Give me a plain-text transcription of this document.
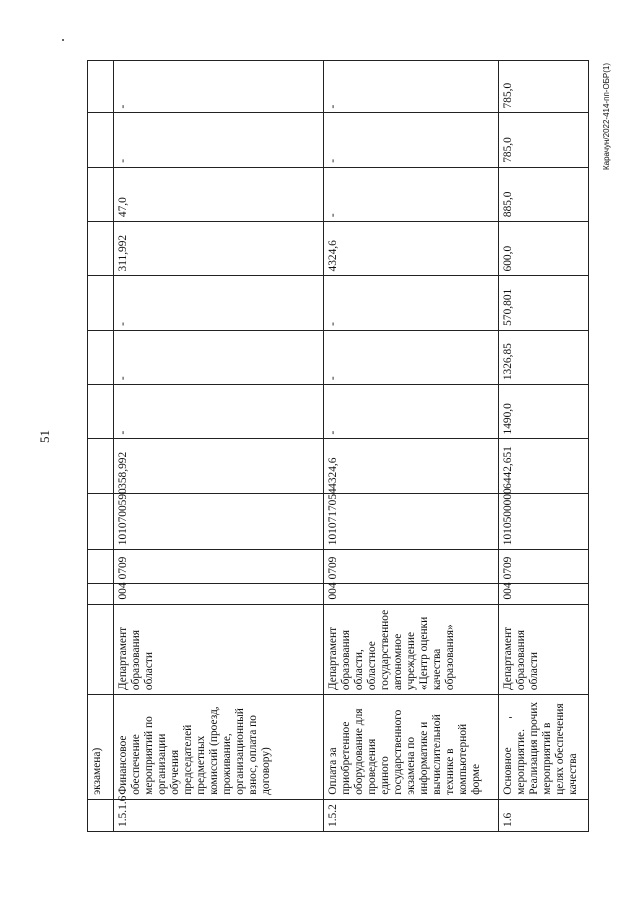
51
Карачун/2022-414-пп-ОБР(1)
	экзамена)												
1.5.1.6	Финансовое обеспечение мероприятий по организации обучения председателей предметных комиссий (проезд, проживание, организационный взнос, оплата по договору)	Департамент образования области	004	0709	1010700590	358,992	-	-	-	311,992	47,0	-	-
1.5.2	Оплата за приобретенное оборудование для проведения единого государственного экзамена по информатике и вычислительной технике в компьютерной форме	Департамент образования области, областное государственное автономное учреждение «Центр оценки качества образования»	004	0709	1010717054	4324,6	-	-	-	4324,6	-	-	-
1.6	Основное мероприятие. Реализация прочих мероприятий в целях обеспечения качества	Департамент образования области	004	0709	1010500000	6442,651	1490,0	1326,85	570,801	600,0	885,0	785,0	785,0
